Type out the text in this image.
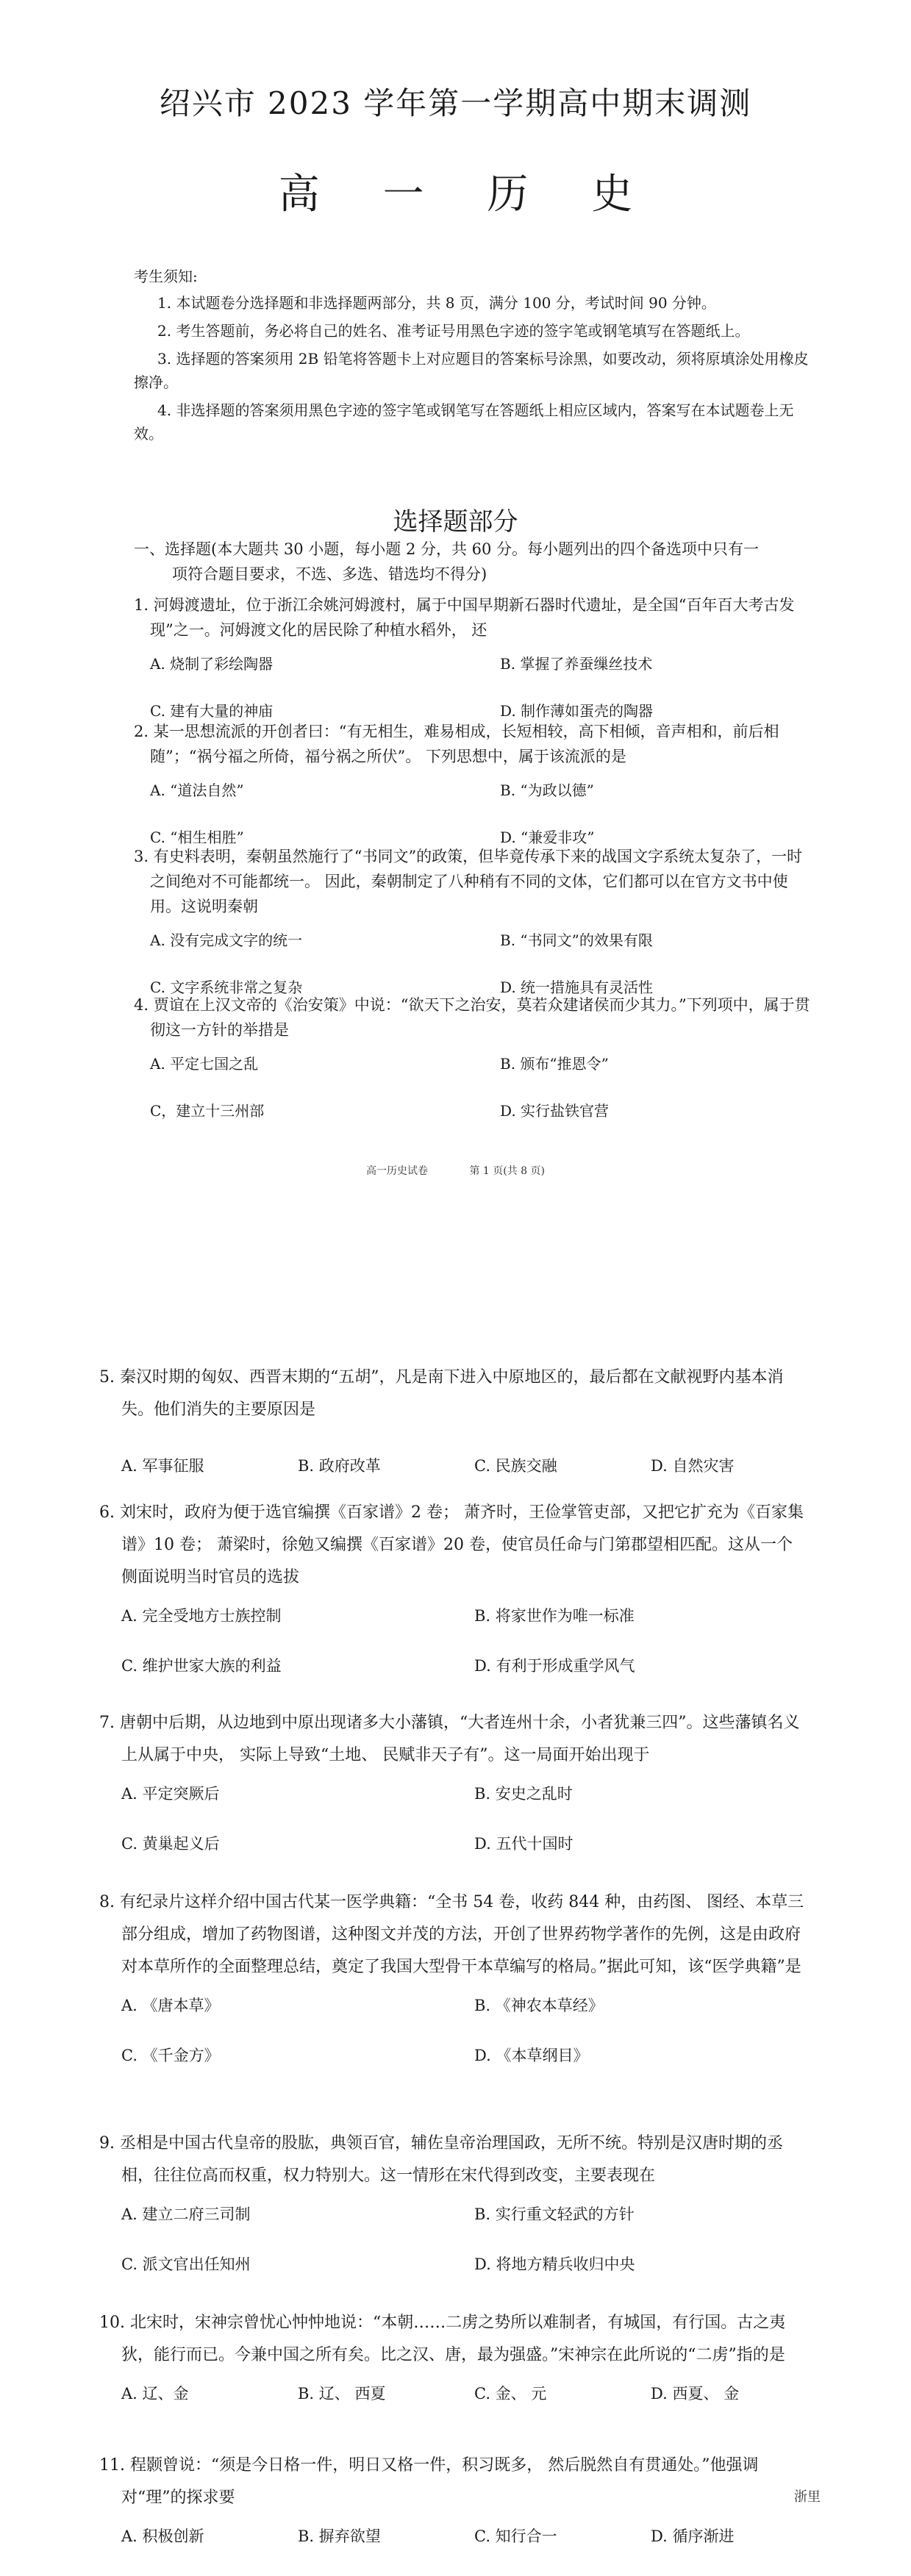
绍兴市 2023 学年第一学期高中期末调测
高 一 历 史
考生须知:
1. 本试题卷分选择题和非选择题两部分，共 8 页，满分 100 分，考试时间 90 分钟。
2. 考生答题前，务必将自己的姓名、准考证号用黑色字迹的签字笔或钢笔填写在答题纸上。
3. 选择题的答案须用 2B 铅笔将答题卡上对应题目的答案标号涂黑，如要改动，须将原填涂处用橡皮擦净。
4. 非选择题的答案须用黑色字迹的签字笔或钢笔写在答题纸上相应区域内，答案写在本试题卷上无效。
选择题部分
一、选择题(本大题共 30 小题，每小题 2 分，共 60 分。每小题列出的四个备选项中只有一
项符合题目要求，不选、多选、错选均不得分)
1. 河姆渡遗址，位于浙江余姚河姆渡村，属于中国早期新石器时代遗址，是全国“百年百大考古发现”之一。河姆渡文化的居民除了种植水稻外， 还
A. 烧制了彩绘陶器	B. 掌握了养蚕缫丝技术
C. 建有大量的神庙	D. 制作薄如蛋壳的陶器
2. 某一思想流派的开创者曰：“有无相生，难易相成，长短相较，高下相倾，音声相和，前后相随”；“祸兮福之所倚，福兮祸之所伏”。 下列思想中，属于该流派的是
A. “道法自然”	B. “为政以德”
C. “相生相胜”	D. “兼爱非攻”
3. 有史料表明，秦朝虽然施行了“书同文”的政策，但毕竟传承下来的战国文字系统太复杂了，一时之间绝对不可能都统一。 因此，秦朝制定了八种稍有不同的文体，它们都可以在官方文书中使用。这说明秦朝
A. 没有完成文字的统一	B. “书同文”的效果有限
C. 文字系统非常之复杂	D. 统一措施具有灵活性
4. 贾谊在上汉文帝的《治安策》中说：“欲天下之治安，莫若众建诸侯而少其力。”下列项中，属于贯彻这一方针的举措是
A. 平定七国之乱	B. 颁布“推恩令”
C，建立十三州部	D. 实行盐铁官营
高一历史试卷	第 1 页(共 8 页)
5. 秦汉时期的匈奴、西晋末期的“五胡”，凡是南下进入中原地区的，最后都在文献视野内基本消失。他们消失的主要原因是
A. 军事征服	B. 政府改革	C. 民族交融	D. 自然灾害
6. 刘宋时，政府为便于选官编撰《百家谱》2 卷； 萧齐时，王俭掌管吏部，又把它扩充为《百家集谱》10 卷； 萧梁时，徐勉又编撰《百家谱》20 卷，使官员任命与门第郡望相匹配。这从一个侧面说明当时官员的选拔
A. 完全受地方士族控制	B. 将家世作为唯一标准
C. 维护世家大族的利益	D. 有利于形成重学风气
7. 唐朝中后期，从边地到中原出现诸多大小藩镇，“大者连州十余，小者犹兼三四”。这些藩镇名义上从属于中央， 实际上导致“土地、 民赋非天子有”。这一局面开始出现于
A. 平定突厥后	B. 安史之乱时
C. 黄巢起义后	D. 五代十国时
8. 有纪录片这样介绍中国古代某一医学典籍：“全书 54 卷，收药 844 种，由药图、 图经、本草三部分组成，增加了药物图谱，这种图文并茂的方法，开创了世界药物学著作的先例，这是由政府对本草所作的全面整理总结，奠定了我国大型骨干本草编写的格局。”据此可知，该“医学典籍”是
A. 《唐本草》	B. 《神农本草经》
C. 《千金方》	D. 《本草纲目》
9. 丞相是中国古代皇帝的股肱，典领百官，辅佐皇帝治理国政，无所不统。特别是汉唐时期的丞相，往往位高而权重，权力特别大。这一情形在宋代得到改变，主要表现在
A. 建立二府三司制	B. 实行重文轻武的方针
C. 派文官出任知州	D. 将地方精兵收归中央
10. 北宋时，宋神宗曾忧心忡忡地说：“本朝……二虏之势所以难制者，有城国，有行国。古之夷狄，能行而已。今兼中国之所有矣。比之汉、唐，最为强盛。”宋神宗在此所说的“二虏”指的是
A. 辽、金	B. 辽、 西夏	C. 金、 元	D. 西夏、 金
11. 程颢曾说：“须是今日格一件，明日又格一件，积习既多， 然后脱然自有贯通处。”他强调对“理”的探求要
A. 积极创新	B. 摒弃欲望	C. 知行合一	D. 循序渐进
浙里
